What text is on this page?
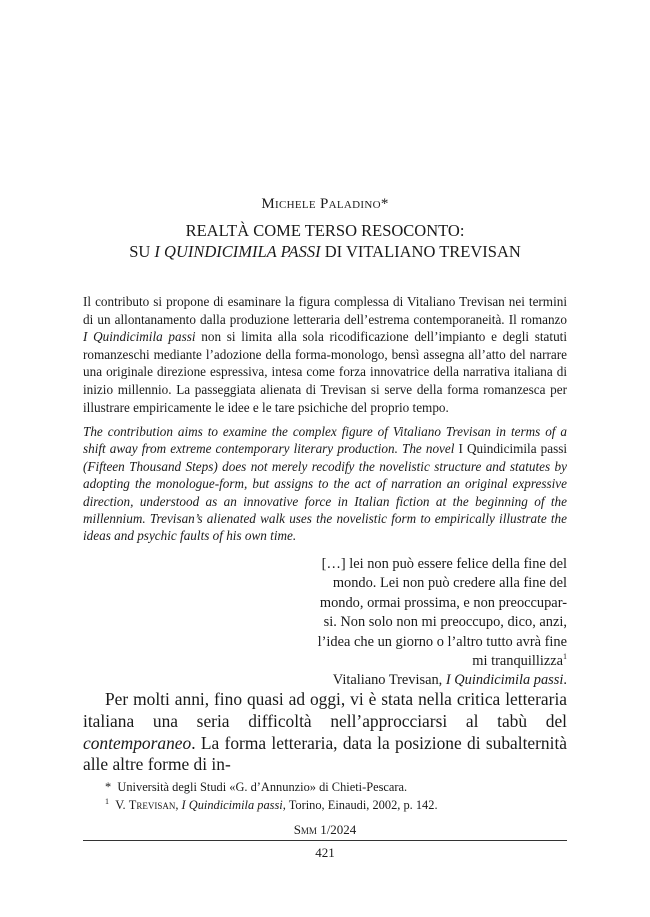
Michele Paladino*
REALTÀ COME TERSO RESOCONTO:
SU I QUINDICIMILA PASSI DI VITALIANO TREVISAN

Il contributo si propone di esaminare la figura complessa di Vitaliano Trevisan nei termini di un allontanamento dalla produzione letteraria dell’estrema contemporaneità. Il romanzo I Quindicimila passi non si limita alla sola ricodificazione dell’impianto e degli statuti romanzeschi mediante l’adozione della forma-monologo, bensì assegna all’atto del narrare una originale direzione espressiva, intesa come forza innovatrice della narrativa italiana di inizio millennio. La passeggiata alienata di Trevisan si serve della forma romanzesca per illustrare empiricamente le idee e le tare psichiche del proprio tempo.

The contribution aims to examine the complex figure of Vitaliano Trevisan in terms of a shift away from extreme contemporary literary production. The novel I Quindicimila passi (Fifteen Thousand Steps) does not merely recodify the novelistic structure and statutes by adopting the monologue-form, but assigns to the act of narration an original expressive direction, understood as an innovative force in Italian fiction at the beginning of the millennium. Trevisan’s alienated walk uses the novelistic form to empirically illustrate the ideas and psychic faults of his own time.

[…] lei non può essere felice della fine del
mondo. Lei non può credere alla fine del
mondo, ormai prossima, e non preoccupar-
si. Non solo non mi preoccupo, dico, anzi,
l’idea che un giorno o l’altro tutto avrà fine
mi tranquillizza$^1$
Vitaliano Trevisan, I Quindicimila passi.

Per molti anni, fino quasi ad oggi, vi è stata nella critica letteraria italiana una seria difficoltà nell’approcciarsi al tabù del contemporaneo. La forma letteraria, data la posizione di subalternità alle altre forme di in-

* Università degli Studi «G. d’Annunzio» di Chieti-Pescara.
$^1$ V. Trevisan, I Quindicimila passi, Torino, Einaudi, 2002, p. 142.
Smm 1/2024
421
